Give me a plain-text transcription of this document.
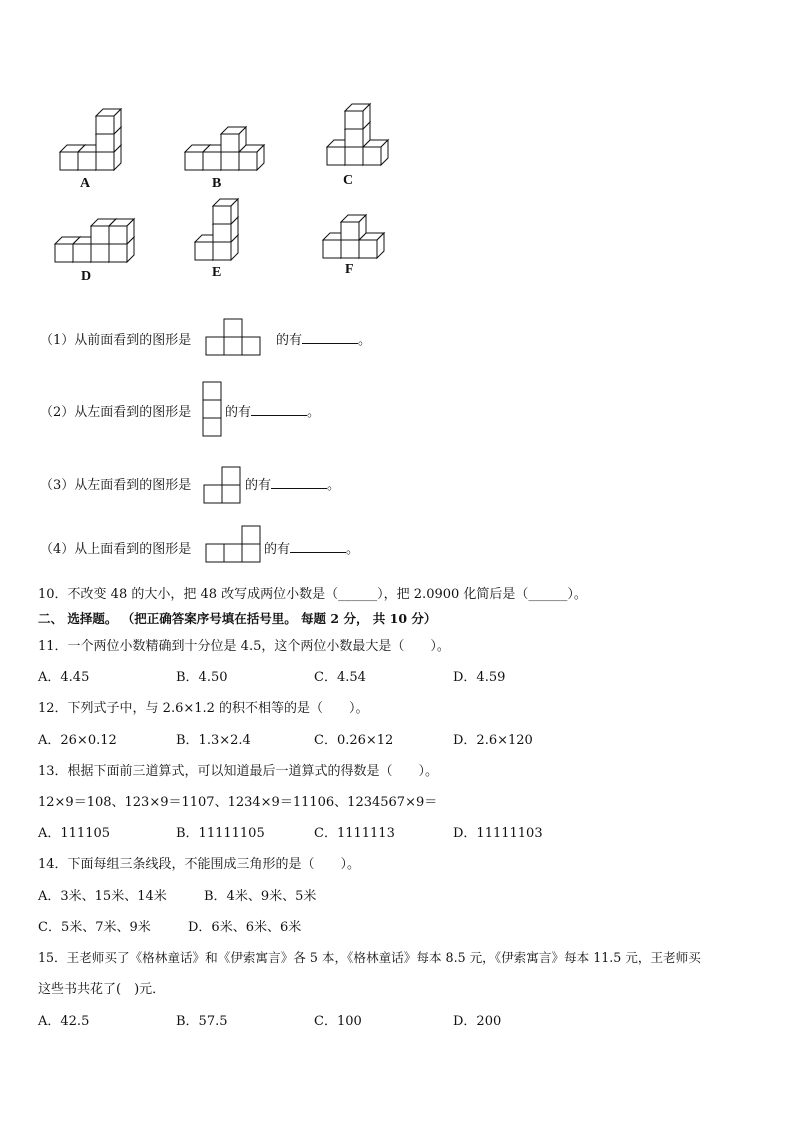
A	B	C
D	E	F
（1）从前面看到的图形是	的有	。
（2）从左面看到的图形是	的有	。
（3）从左面看到的图形是	的有	。
（4）从上面看到的图形是	的有	。
10．不改变 48 的大小，把 48 改写成两位小数是（______），把 2.0900 化简后是（______）。
二、 选择题。 （把正确答案序号填在括号里。 每题 2 分， 共 10 分）
11．一个两位小数精确到十分位是 4.5，这个两位小数最大是（　　）。
A．4.45	B．4.50	C．4.54	D．4.59
12．下列式子中，与 2.6×1.2 的积不相等的是（　　）。
A．26×0.12	B．1.3×2.4	C．0.26×12	D．2.6×120
13．根据下面前三道算式，可以知道最后一道算式的得数是（　　）。
12×9＝108、123×9＝1107、1234×9＝11106、1234567×9＝
A．111105	B．11111105	C．1111113	D．11111103
14．下面每组三条线段，不能围成三角形的是（　　）。
A．3米、15米、14米	B．4米、9米、5米
C．5米、7米、9米	D．6米、6米、6米
15．王老师买了《格林童话》和《伊索寓言》各 5 本，《格林童话》每本 8.5 元，《伊索寓言》每本 11.5 元，王老师买
这些书共花了(　)元．
A．42.5	B．57.5	C．100	D．200
